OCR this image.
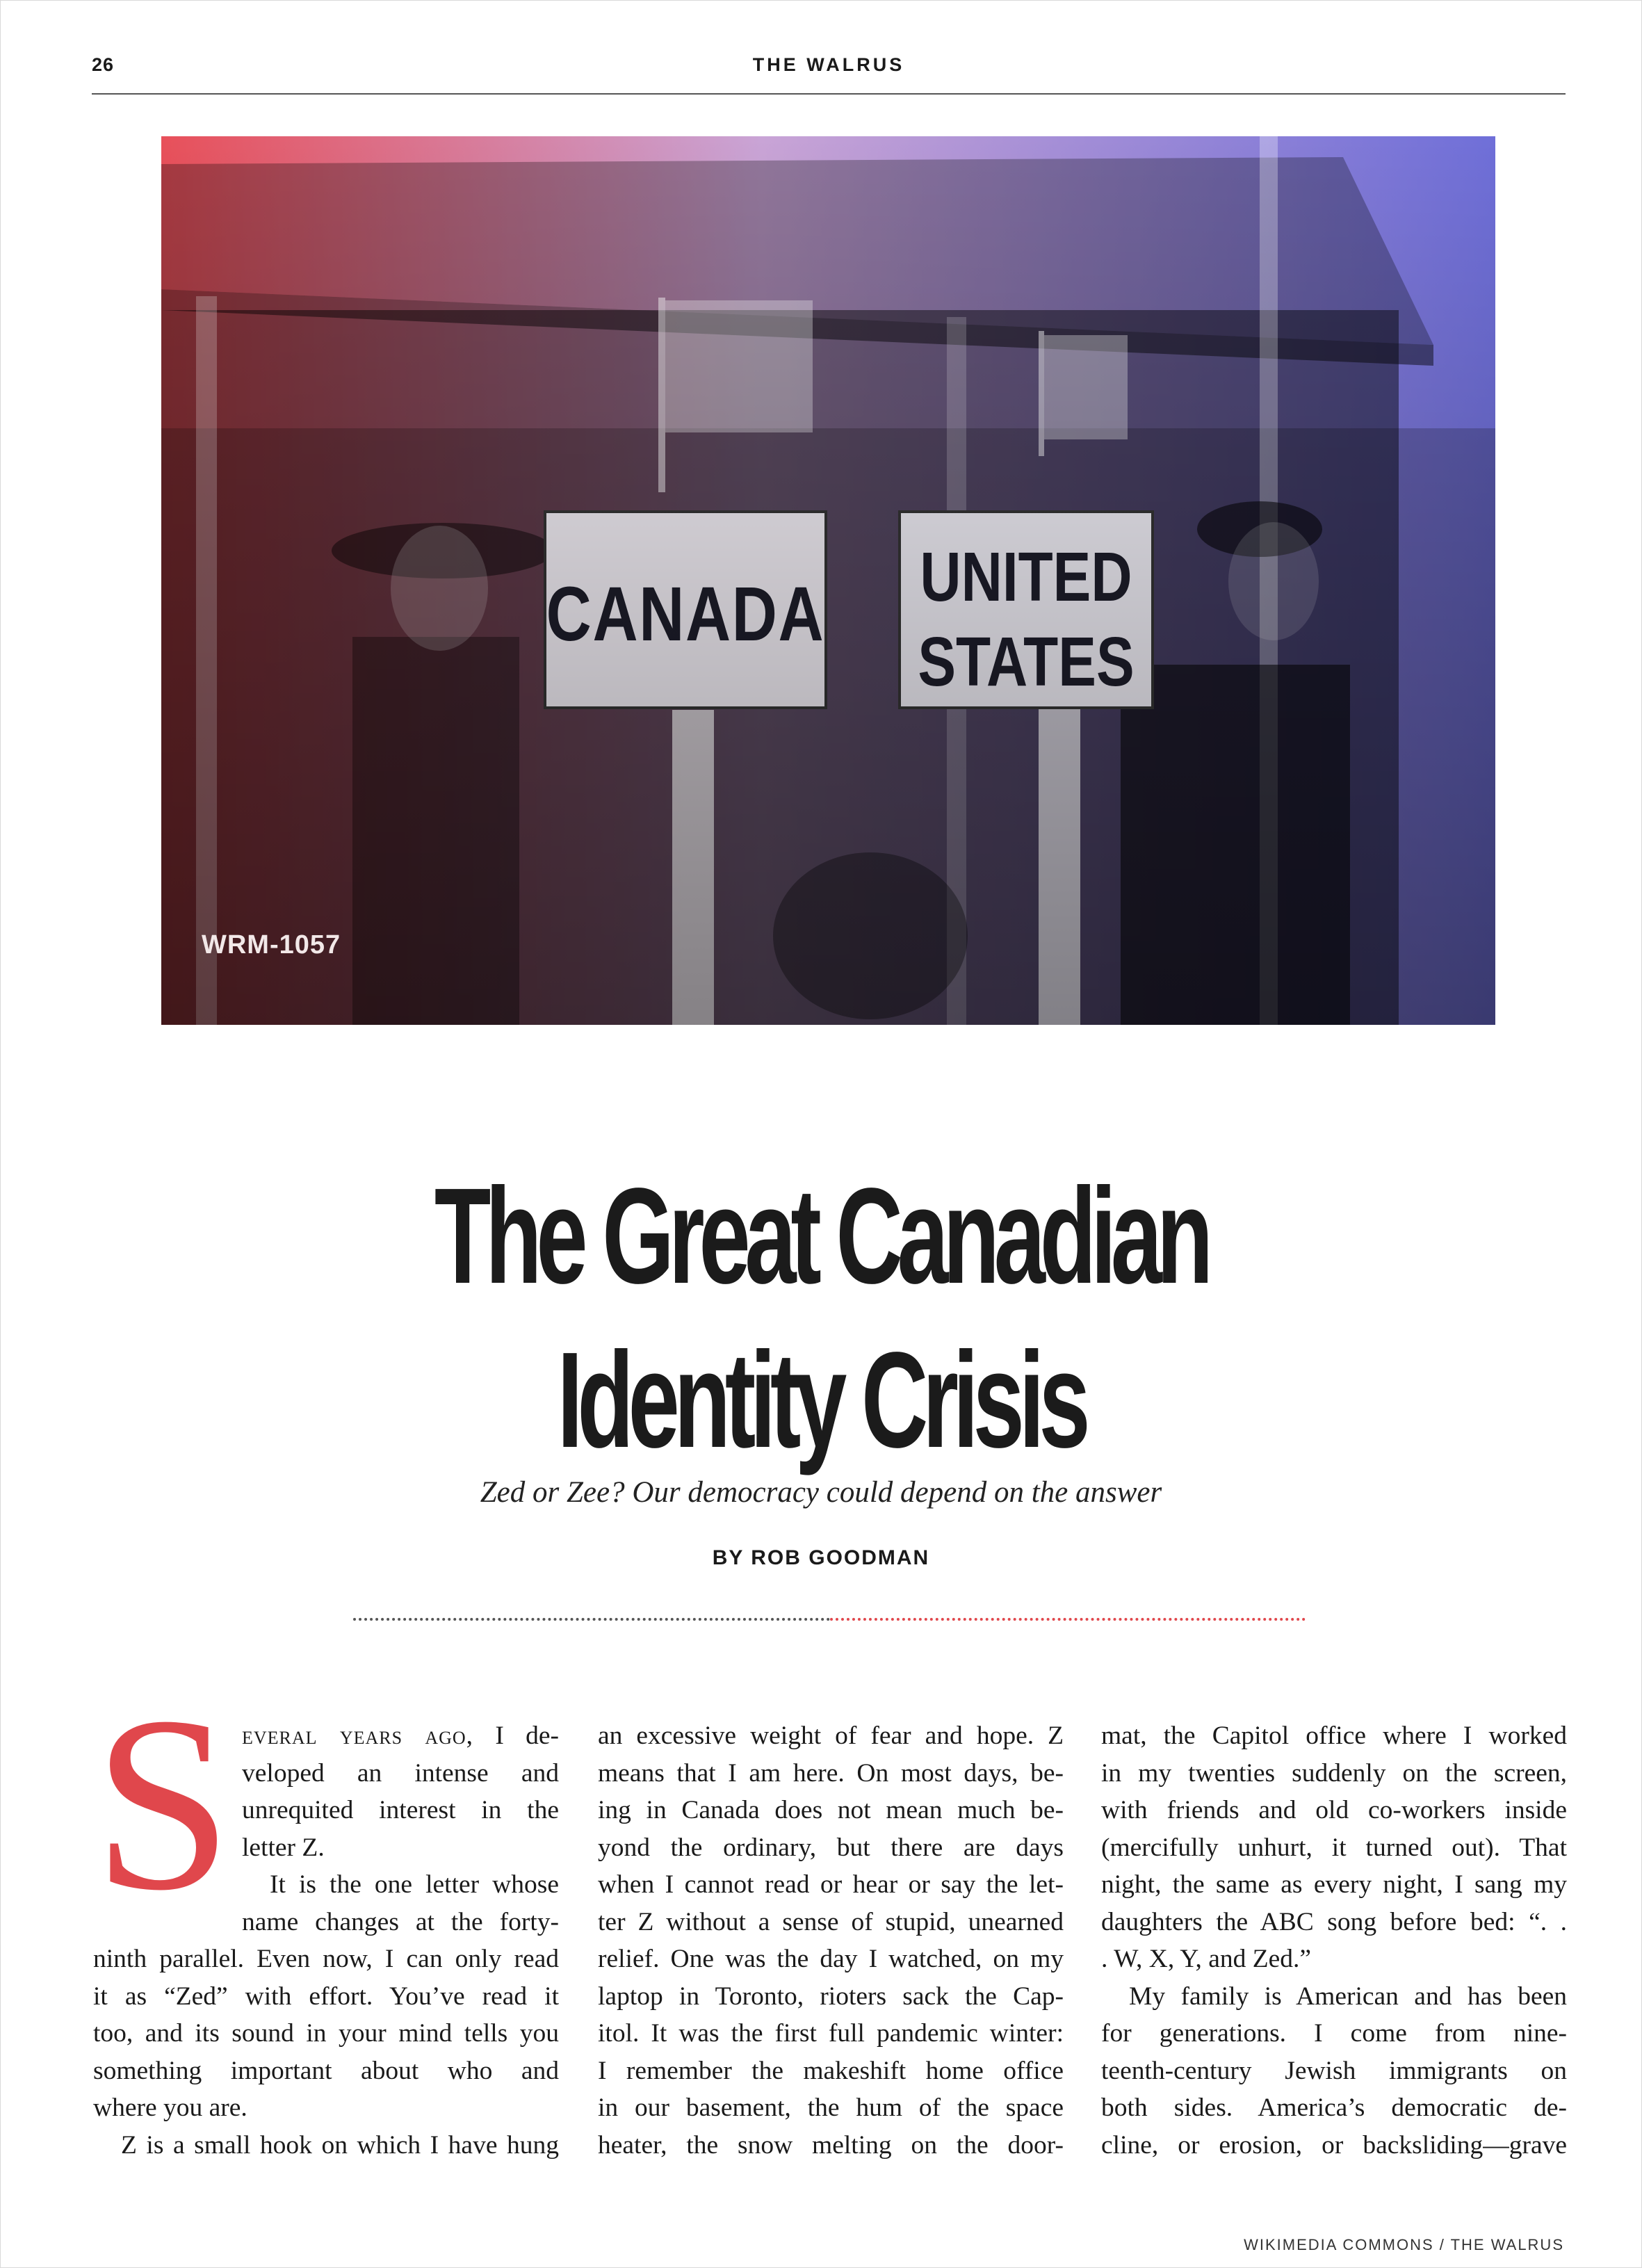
26	THE WALRUS
WRM-1057
The Great Canadian
Identity Crisis
Zed or Zee? Our democracy could depend on the answer
BY ROB GOODMAN
S everal years ago, I de-
veloped an intense and
unrequited interest in the
letter Z.
It is the one letter whose
name changes at the forty-
ninth parallel. Even now, I can only read
it as “Zed” with effort. You’ve read it
too, and its sound in your mind tells you
something important about who and
where you are.
Z is a small hook on which I have hung

an excessive weight of fear and hope. Z
means that I am here. On most days, be-
ing in Canada does not mean much be-
yond the ordinary, but there are days
when I cannot read or hear or say the let-
ter Z without a sense of stupid, unearned
relief. One was the day I watched, on my
laptop in Toronto, rioters sack the Cap-
itol. It was the first full pandemic winter:
I remember the makeshift home office
in our basement, the hum of the space
heater, the snow melting on the door-

mat, the Capitol office where I worked
in my twenties suddenly on the screen,
with friends and old co-workers inside
(mercifully unhurt, it turned out). That
night, the same as every night, I sang my
daughters the ABC song before bed: “. .
. W, X, Y, and Zed.”
My family is American and has been
for generations. I come from nine-
teenth-century Jewish immigrants on
both sides. America’s democratic de-
cline, or erosion, or backsliding—grave

WIKIMEDIA COMMONS / THE WALRUS
